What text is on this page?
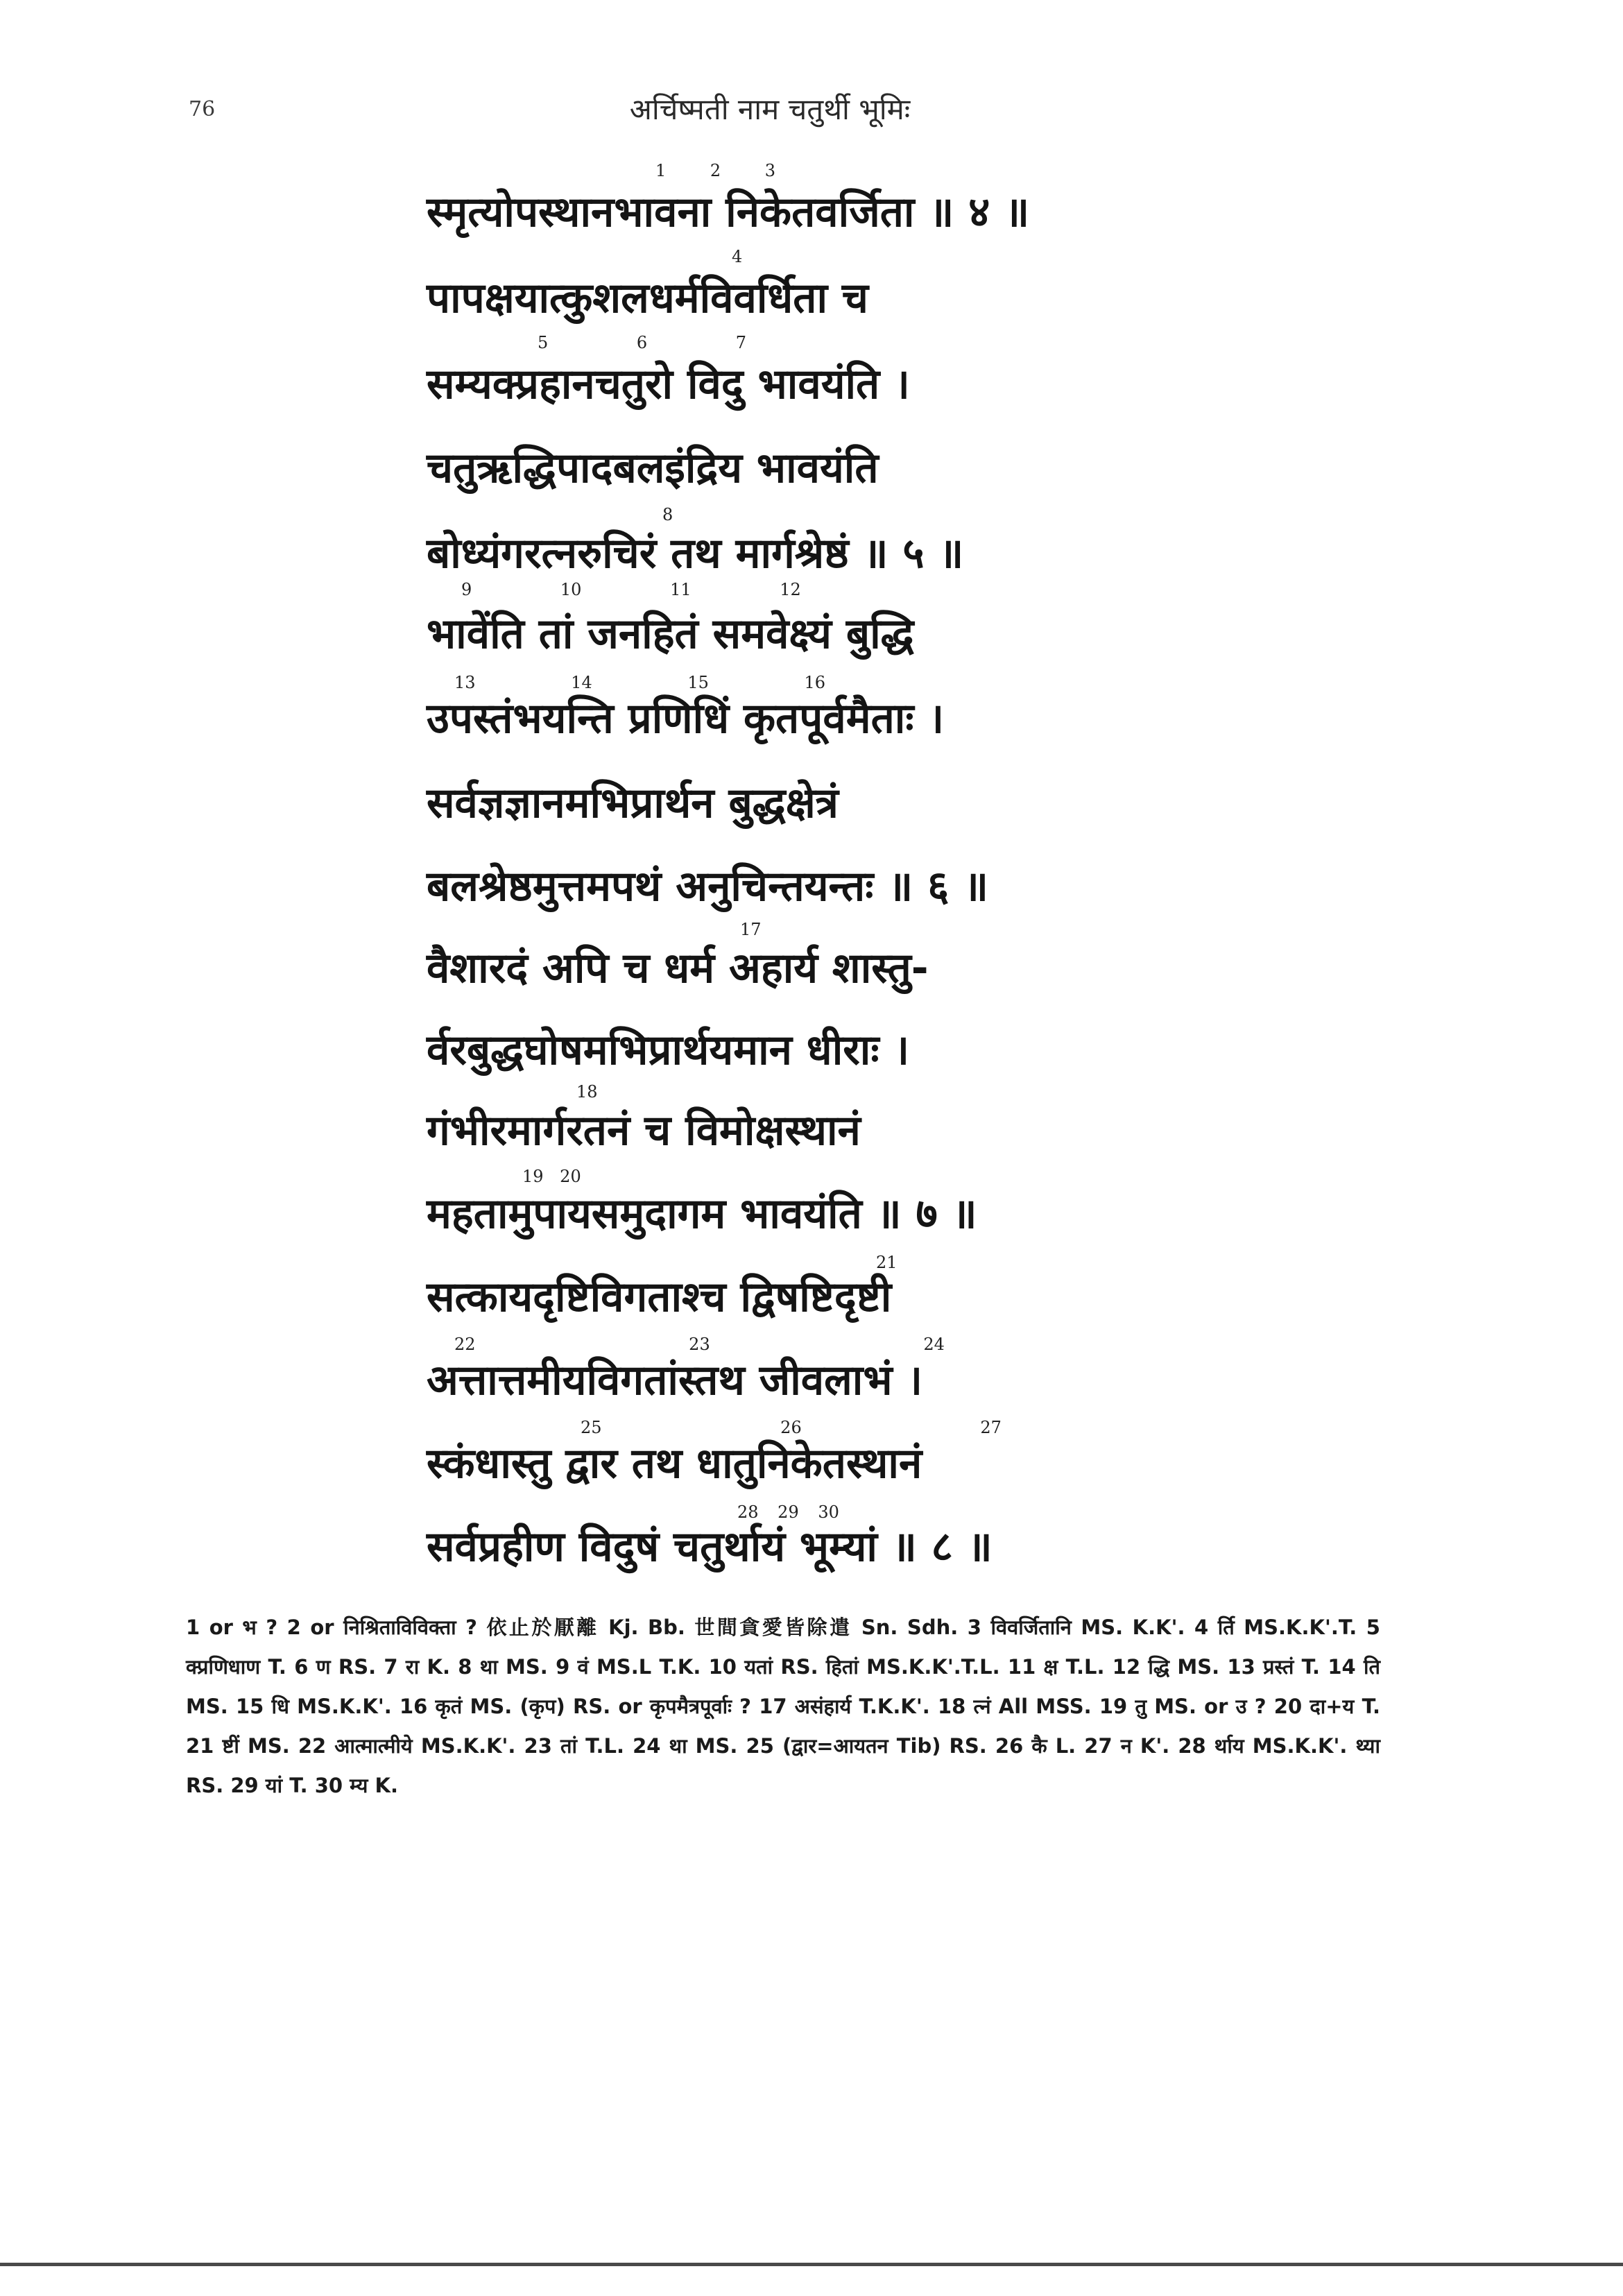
76	अर्चिष्मती नाम चतुर्थी भूमिः
1 2 3
स्मृत्योपस्थानभावना निकेतवर्जिता ॥ ४ ॥
4
पापक्षयात्कुशलधर्मविवर्धिता च
5 6 7
सम्यक्प्रहानचतुरो विदु भावयंति ।
चतुऋद्धिपादबलइंद्रिय भावयंति
8
बोध्यंगरत्नरुचिरं तथ मार्गश्रेष्ठं ॥ ५ ॥
9 10 11 12
भावेंति तां जनहितं समवेक्ष्यं बुद्धि
13 14 15 16
उपस्तंभयन्ति प्रणिधिं कृतपूर्वमैताः ।
सर्वज्ञज्ञानमभिप्रार्थन बुद्धक्षेत्रं
बलश्रेष्ठमुत्तमपथं अनुचिन्तयन्तः ॥ ६ ॥
17
वैशारदं अपि च धर्म अहार्य शास्तु-
र्वरबुद्धघोषमभिप्रार्थयमान धीराः ।
18
गंभीरमार्गरतनं च विमोक्षस्थानं
19 20
महतामुपायसमुदागम भावयंति ॥ ७ ॥
21
सत्कायदृष्टिविगताश्च द्विषष्टिदृष्टी
22 23 24
अत्तात्तमीयविगतांस्तथ जीवलाभं ।
25 26 27
स्कंधास्तु द्वार तथ धातुनिकेतस्थानं
28 29 30
सर्वप्रहीण विदुषं चतुर्थायं भूम्यां ॥ ८ ॥
1 or भ ? 2 or निश्रिताविविक्ता ? 依止於厭離 Kj. Bb. 世間貪愛皆除遣 Sn. Sdh. 3 विवर्जितानि MS. K.K'. 4 र्ति MS.K.K'.T. 5 क्प्रणिधाण T. 6 ण RS. 7 रा K. 8 था MS. 9 वं MS.L T.K. 10 यतां RS. हितां MS.K.K'.T.L. 11 क्ष T.L. 12 द्धि MS. 13 प्रस्तं T. 14 ति MS. 15 धि MS.K.K'. 16 कृतं MS. (कृप) RS. or कृपमैत्रपूर्वाः ? 17 असंहार्य T.K.K'. 18 त्नं All MSS. 19 तु MS. or उ ? 20 दा+य T. 21 ष्टीं MS. 22 आत्मात्मीये MS.K.K'. 23 तां T.L. 24 था MS. 25 (द्वार=आयतन Tib) RS. 26 कै L. 27 न K'. 28 र्थाय MS.K.K'. थ्या RS. 29 यां T. 30 म्य K.
